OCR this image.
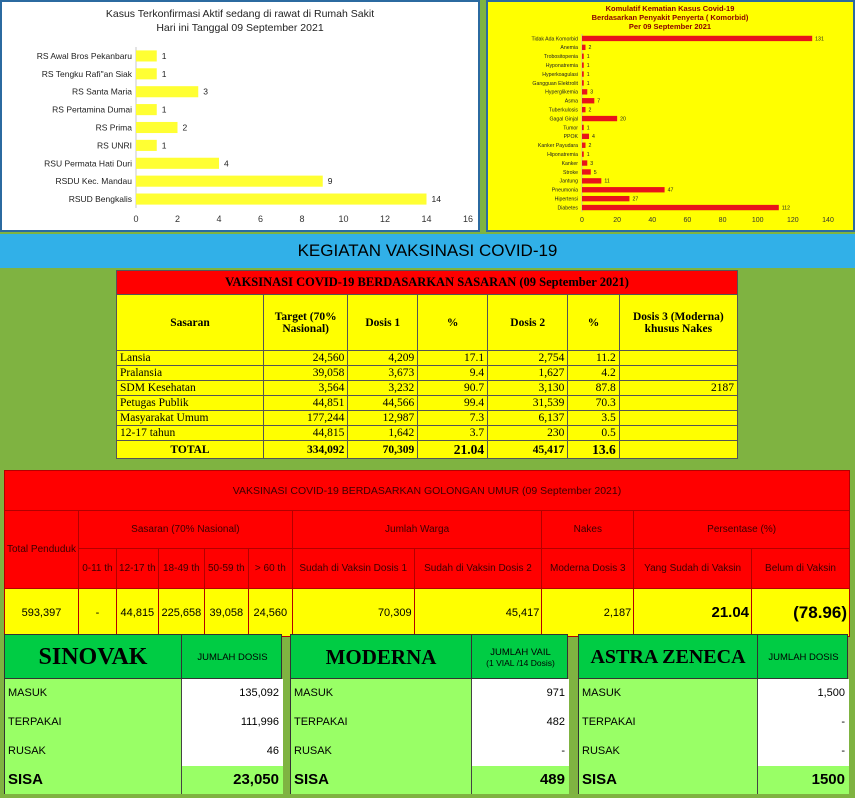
Kasus Terkonfirmasi Aktif sedang di rawat di Rumah Sakit
Hari ini Tanggal 09 September 2021
RS Awal Bros Pekanbaru	1
RS Tengku Rafi"an Siak	1
RS Santa Maria	3
RS Pertamina Dumai	1
RS Prima	2
RS UNRI	1
RSU Permata Hati Duri	4
RSDU Kec. Mandau	9
RSUD Bengkalis	14
0	2	4	6	8	10	12	14	16
Komulatif Kematian Kasus Covid-19
Berdasarkan Penyakit Penyerta ( Komorbid)
Per 09 September 2021
Tidak Ada Komorbid	131
Anemia 2
Trobositopenia 1
Hyponatremia 1
Hyperkoagulasi 1
Gangguan Elektrolit 1
Hyperglikemia 3
Asma	7
Tuberkulosis 2
Gagal Ginjal	20
Tumor 1
PPOK	4
Kanker Payudara 2
Hiponatremia 1
Kanker 3
Stroke	5
Jantung	11
Pneumonia	47
Hipertensi	27
Diabetes	112
0	20	40	60	80	100	120	140
KEGIATAN VAKSINASI COVID-19
VAKSINASI COVID-19 BERDASARKAN SASARAN (09 September 2021)						
Sasaran	Target (70% Nasional)	Dosis 1	%	Dosis 2	%	Dosis 3 (Moderna) khusus Nakes
Lansia	24,560	4,209	17.1	2,754	11.2	
Pralansia	39,058	3,673	9.4	1,627	4.2	
SDM Kesehatan	3,564	3,232	90.7	3,130	87.8	2187
Petugas Publik	44,851	44,566	99.4	31,539	70.3	
Masyarakat Umum	177,244	12,987	7.3	6,137	3.5	
12-17 tahun	44,815	1,642	3.7	230	0.5	
TOTAL	334,092	70,309	21.04	45,417	13.6	
VAKSINASI COVID-19 BERDASARKAN GOLONGAN UMUR (09 September 2021)										
Total Penduduk	Sasaran (70% Nasional)					Jumlah Warga		Nakes	Persentase (%)	
	0-11 th	12-17 th	18-49 th	50-59 th	> 60 th	Sudah di Vaksin Dosis 1	Sudah di Vaksin Dosis 2	Moderna Dosis 3	Yang Sudah di Vaksin	Belum di Vaksin
593,397	-	44,815	225,658	39,058	24,560	70,309	45,417	2,187	21.04	(78.96)
SINOVAK	JUMLAH DOSIS
MASUK	135,092
TERPAKAI	111,996
RUSAK	46
SISA	23,050
MODERNA	JUMLAH VAIL
(1 VIAL /14 Dosis)
MASUK	971
TERPAKAI	482
RUSAK	-
SISA	489
ASTRA ZENECA	JUMLAH DOSIS
MASUK	1,500
TERPAKAI	-
RUSAK	-
SISA	1500
